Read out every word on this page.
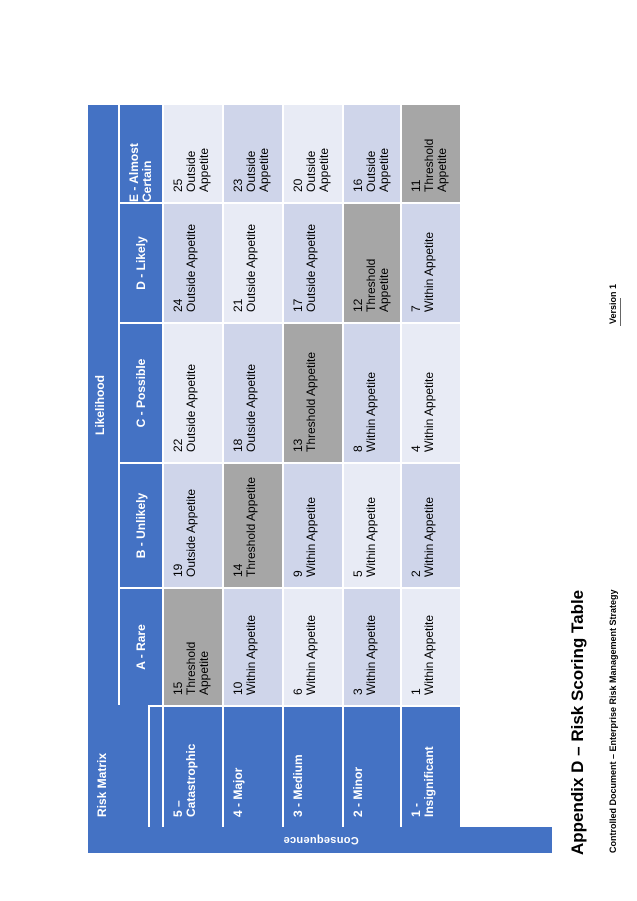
Controlled Document – Enterprise Risk Management Strategy
Version 1
Appendix D – Risk Scoring Table
Consequence
Risk Matrix
Likelihood
A - Rare
B - Unlikely
C - Possible
D - Likely
E - Almost Certain
5 – Catastrophic
15 Threshold Appetite
19 Outside Appetite
22 Outside Appetite
24 Outside Appetite
25 Outside Appetite
4 - Major
10 Within Appetite
14 Threshold Appetite
18 Outside Appetite
21 Outside Appetite
23 Outside Appetite
3 - Medium
6 Within Appetite
9 Within Appetite
13 Threshold Appetite
17 Outside Appetite
20 Outside Appetite
2 - Minor
3 Within Appetite
5 Within Appetite
8 Within Appetite
12 Threshold Appetite
16 Outside Appetite
1 - Insignificant
1 Within Appetite
2 Within Appetite
4 Within Appetite
7 Within Appetite
11 Threshold Appetite
